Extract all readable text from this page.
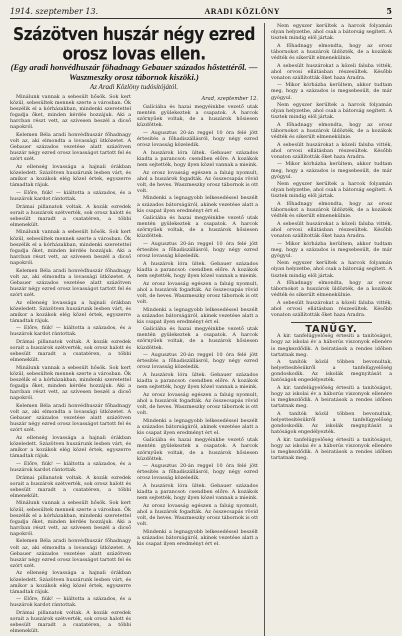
1914. szeptember 13.	ARADI KÖZLÖNY	5
Százötven huszár négy ezred orosz lovas ellen.
(Egy aradi honvédhuszár föhadnagy Gebauer százados hőstettéről. — Waszmeszky orosz tábornok kiszöki.)
Az Aradi Közlöny tudósítójától.

Minálunk vannak a sebesült hősök. Sok kert közül, sebesültek mennek szerte a városban. Ők beszélik el a kórházakban, mindenki szeretettel fogadja őket, minden kérdés hozzájuk. Aki a harcban részt vett, az szívesen beszél a dicső napokról.

Kelemen Béla aradi honvédhuszár főhadnagy volt az, aki elmondta a lovassági ütközetet. A Gebauer százados vezetése alatt százötven huszár négy ezred orosz lovasságot tartott fel és szórt szét.

Az ellenség lovassága a hajnali órákban közeledett. Százötven huszárunk lesben várt, és amikor a kozákok elég közel értek, egyszerre támadtak rájuk.

— Előre, fiúk! — kiáltotta a százados, és a huszárok kardot rántottak.

Drámai pillanatok voltak. A kozák ezredek sorait a huszárok szétverték, sok orosz halott és sebesült maradt a csatatéren, a többi elmenekült.

Minálunk vannak a sebesült hősök. Sok kert közül, sebesültek mennek szerte a városban. Ők beszélik el a kórházakban, mindenki szeretettel fogadja őket, minden kérdés hozzájuk. Aki a harcban részt vett, az szívesen beszél a dicső napokról.

Kelemen Béla aradi honvédhuszár főhadnagy volt az, aki elmondta a lovassági ütközetet. A Gebauer százados vezetése alatt százötven huszár négy ezred orosz lovasságot tartott fel és szórt szét.

Az ellenség lovassága a hajnali órákban közeledett. Százötven huszárunk lesben várt, és amikor a kozákok elég közel értek, egyszerre támadtak rájuk.

— Előre, fiúk! — kiáltotta a százados, és a huszárok kardot rántottak.

Drámai pillanatok voltak. A kozák ezredek sorait a huszárok szétverték, sok orosz halott és sebesült maradt a csatatéren, a többi elmenekült.

Minálunk vannak a sebesült hősök. Sok kert közül, sebesültek mennek szerte a városban. Ők beszélik el a kórházakban, mindenki szeretettel fogadja őket, minden kérdés hozzájuk. Aki a harcban részt vett, az szívesen beszél a dicső napokról.

Kelemen Béla aradi honvédhuszár főhadnagy volt az, aki elmondta a lovassági ütközetet. A Gebauer százados vezetése alatt százötven huszár négy ezred orosz lovasságot tartott fel és szórt szét.

Az ellenség lovassága a hajnali órákban közeledett. Százötven huszárunk lesben várt, és amikor a kozákok elég közel értek, egyszerre támadtak rájuk.

— Előre, fiúk! — kiáltotta a százados, és a huszárok kardot rántottak.

Drámai pillanatok voltak. A kozák ezredek sorait a huszárok szétverték, sok orosz halott és sebesült maradt a csatatéren, a többi elmenekült.

Minálunk vannak a sebesült hősök. Sok kert közül, sebesültek mennek szerte a városban. Ők beszélik el a kórházakban, mindenki szeretettel fogadja őket, minden kérdés hozzájuk. Aki a harcban részt vett, az szívesen beszél a dicső napokról.

Kelemen Béla aradi honvédhuszár főhadnagy volt az, aki elmondta a lovassági ütközetet. A Gebauer százados vezetése alatt százötven huszár négy ezred orosz lovasságot tartott fel és szórt szét.

Az ellenség lovassága a hajnali órákban közeledett. Százötven huszárunk lesben várt, és amikor a kozákok elég közel értek, egyszerre támadtak rájuk.

— Előre, fiúk! — kiáltotta a százados, és a huszárok kardot rántottak.

Drámai pillanatok voltak. A kozák ezredek sorait a huszárok szétverték, sok orosz halott és sebesült maradt a csatatéren, a többi elmenekült.

Arad, szeptember 12.

Galíciába és hazai megyéinkbe vezető utak mentén gyülekeztek a csapatok. A harcok szörnyűek voltak, de a huszárok hősiesen küzdöttek.

— Augusztus 20-án reggel 10 óra felé jött értesítés a főhadiszállásról, hogy négy ezred orosz lovasság közeledik.

A huszárok lóra ültek. Gebauer százados kiadta a parancsot: csendben előre. A kozákok nem sejtették, hogy ilyen közel vannak a mieink.

Az orosz lovasság egészen a faluig nyomult, ahol a huszárok fogadták. Az összecsapás rövid volt, de heves. Waszmeszky orosz tábornok is ott volt.

Mindenki a legnagyobb lelkesedéssel beszélt a százados bátorságáról, akinek vezetése alatt a kis csapat ilyen eredményt ért el.

Galíciába és hazai megyéinkbe vezető utak mentén gyülekeztek a csapatok. A harcok szörnyűek voltak, de a huszárok hősiesen küzdöttek.

— Augusztus 20-án reggel 10 óra felé jött értesítés a főhadiszállásról, hogy négy ezred orosz lovasság közeledik.

A huszárok lóra ültek. Gebauer százados kiadta a parancsot: csendben előre. A kozákok nem sejtették, hogy ilyen közel vannak a mieink.

Az orosz lovasság egészen a faluig nyomult, ahol a huszárok fogadták. Az összecsapás rövid volt, de heves. Waszmeszky orosz tábornok is ott volt.

Mindenki a legnagyobb lelkesedéssel beszélt a százados bátorságáról, akinek vezetése alatt a kis csapat ilyen eredményt ért el.

Galíciába és hazai megyéinkbe vezető utak mentén gyülekeztek a csapatok. A harcok szörnyűek voltak, de a huszárok hősiesen küzdöttek.

— Augusztus 20-án reggel 10 óra felé jött értesítés a főhadiszállásról, hogy négy ezred orosz lovasság közeledik.

A huszárok lóra ültek. Gebauer százados kiadta a parancsot: csendben előre. A kozákok nem sejtették, hogy ilyen közel vannak a mieink.

Az orosz lovasság egészen a faluig nyomult, ahol a huszárok fogadták. Az összecsapás rövid volt, de heves. Waszmeszky orosz tábornok is ott volt.

Mindenki a legnagyobb lelkesedéssel beszélt a százados bátorságáról, akinek vezetése alatt a kis csapat ilyen eredményt ért el.

Galíciába és hazai megyéinkbe vezető utak mentén gyülekeztek a csapatok. A harcok szörnyűek voltak, de a huszárok hősiesen küzdöttek.

— Augusztus 20-án reggel 10 óra felé jött értesítés a főhadiszállásról, hogy négy ezred orosz lovasság közeledik.

A huszárok lóra ültek. Gebauer százados kiadta a parancsot: csendben előre. A kozákok nem sejtették, hogy ilyen közel vannak a mieink.

Az orosz lovasság egészen a faluig nyomult, ahol a huszárok fogadták. Az összecsapás rövid volt, de heves. Waszmeszky orosz tábornok is ott volt.

Mindenki a legnagyobb lelkesedéssel beszélt a százados bátorságáról, akinek vezetése alatt a kis csapat ilyen eredményt ért el.

Nem egyszer kerültek a harcok folyamán olyan helyzetbe, ahol csak a bátorság segített. A tisztek mindig elöl jártak.

A főhadnagy elmondta, hogy az orosz tábornokot a huszárok üldözték, de a kozákok védték és sikerült elmenekülnie.

A sebesült huszárokat a közeli faluba vitték, ahol orvosi ellátásban részesültek. Később vonaton szállították őket haza Aradra.

— Mikor kórházba kerültem, akkor tudtam meg, hogy a százados is megsebesült, de már gyógyul.

Nem egyszer kerültek a harcok folyamán olyan helyzetbe, ahol csak a bátorság segített. A tisztek mindig elöl jártak.

A főhadnagy elmondta, hogy az orosz tábornokot a huszárok üldözték, de a kozákok védték és sikerült elmenekülnie.

A sebesült huszárokat a közeli faluba vitték, ahol orvosi ellátásban részesültek. Később vonaton szállították őket haza Aradra.

— Mikor kórházba kerültem, akkor tudtam meg, hogy a százados is megsebesült, de már gyógyul.

Nem egyszer kerültek a harcok folyamán olyan helyzetbe, ahol csak a bátorság segített. A tisztek mindig elöl jártak.

A főhadnagy elmondta, hogy az orosz tábornokot a huszárok üldözték, de a kozákok védték és sikerült elmenekülnie.

A sebesült huszárokat a közeli faluba vitték, ahol orvosi ellátásban részesültek. Később vonaton szállították őket haza Aradra.

— Mikor kórházba kerültem, akkor tudtam meg, hogy a százados is megsebesült, de már gyógyul.

Nem egyszer kerültek a harcok folyamán olyan helyzetbe, ahol csak a bátorság segített. A tisztek mindig elöl jártak.

A főhadnagy elmondta, hogy az orosz tábornokot a huszárok üldözték, de a kozákok védték és sikerült elmenekülnie.

A sebesült huszárokat a közeli faluba vitték, ahol orvosi ellátásban részesültek. Később vonaton szállították őket haza Aradra.

TANÜGY.

A kir. tanfelügyelőség értesíti a tanítóságot, hogy az iskolai év a háborús viszonyok ellenére is megkezdődik. A beiratások a rendes időben tartatnak meg.

A tanítók közül többen bevonultak, helyettesítésükről a tanfelügyelőség gondoskodik. Az iskolák megnyitását a hatóságok engedélyezték.

A kir. tanfelügyelőség értesíti a tanítóságot, hogy az iskolai év a háborús viszonyok ellenére is megkezdődik. A beiratások a rendes időben tartatnak meg.

A tanítók közül többen bevonultak, helyettesítésükről a tanfelügyelőség gondoskodik. Az iskolák megnyitását a hatóságok engedélyezték.

A kir. tanfelügyelőség értesíti a tanítóságot, hogy az iskolai év a háborús viszonyok ellenére is megkezdődik. A beiratások a rendes időben tartatnak meg.
